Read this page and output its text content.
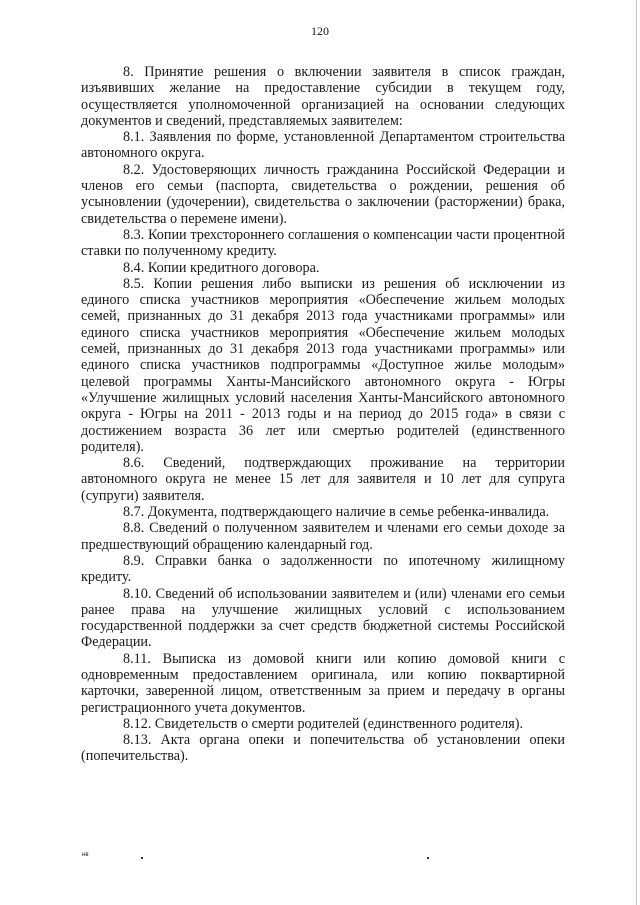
120

8. Принятие решения о включении заявителя в список граждан, изъявивших желание на предоставление субсидии в текущем году, осуществляется уполномоченной организацией на основании следующих документов и сведений, представляемых заявителем:

8.1. Заявления по форме, установленной Департаментом строительства автономного округа.

8.2. Удостоверяющих личность гражданина Российской Федерации и членов его семьи (паспорта, свидетельства о рождении, решения об усыновлении (удочерении), свидетельства о заключении (расторжении) брака, свидетельства о перемене имени).

8.3. Копии трехстороннего соглашения о компенсации части процентной ставки по полученному кредиту.

8.4. Копии кредитного договора.

8.5. Копии решения либо выписки из решения об исключении из единого списка участников мероприятия «Обеспечение жильем молодых семей, признанных до 31 декабря 2013 года участниками программы» или единого списка участников мероприятия «Обеспечение жильем молодых семей, признанных до 31 декабря 2013 года участниками программы» или единого списка участников подпрограммы «Доступное жилье молодым» целевой программы Ханты-Мансийского автономного округа - Югры «Улучшение жилищных условий населения Ханты-Мансийского автономного округа - Югры на 2011 - 2013 годы и на период до 2015 года» в связи с достижением возраста 36 лет или смертью родителей (единственного родителя).

8.6. Сведений, подтверждающих проживание на территории автономного округа не менее 15 лет для заявителя и 10 лет для супруга (супруги) заявителя.

8.7. Документа, подтверждающего наличие в семье ребенка-инвалида.

8.8. Сведений о полученном заявителем и членами его семьи доходе за предшествующий обращению календарный год.

8.9. Справки банка о задолженности по ипотечному жилищному кредиту.

8.10. Сведений об использовании заявителем и (или) членами его семьи ранее права на улучшение жилищных условий с использованием государственной поддержки за счет средств бюджетной системы Российской Федерации.

8.11. Выписка из домовой книги или копию домовой книги с одновременным предоставлением оригинала, или копию поквартирной карточки, заверенной лицом, ответственным за прием и передачу в органы регистрационного учета документов.

8.12. Свидетельств о смерти родителей (единственного родителя).

8.13. Акта органа опеки и попечительства об установлении опеки (попечительства).

нв
